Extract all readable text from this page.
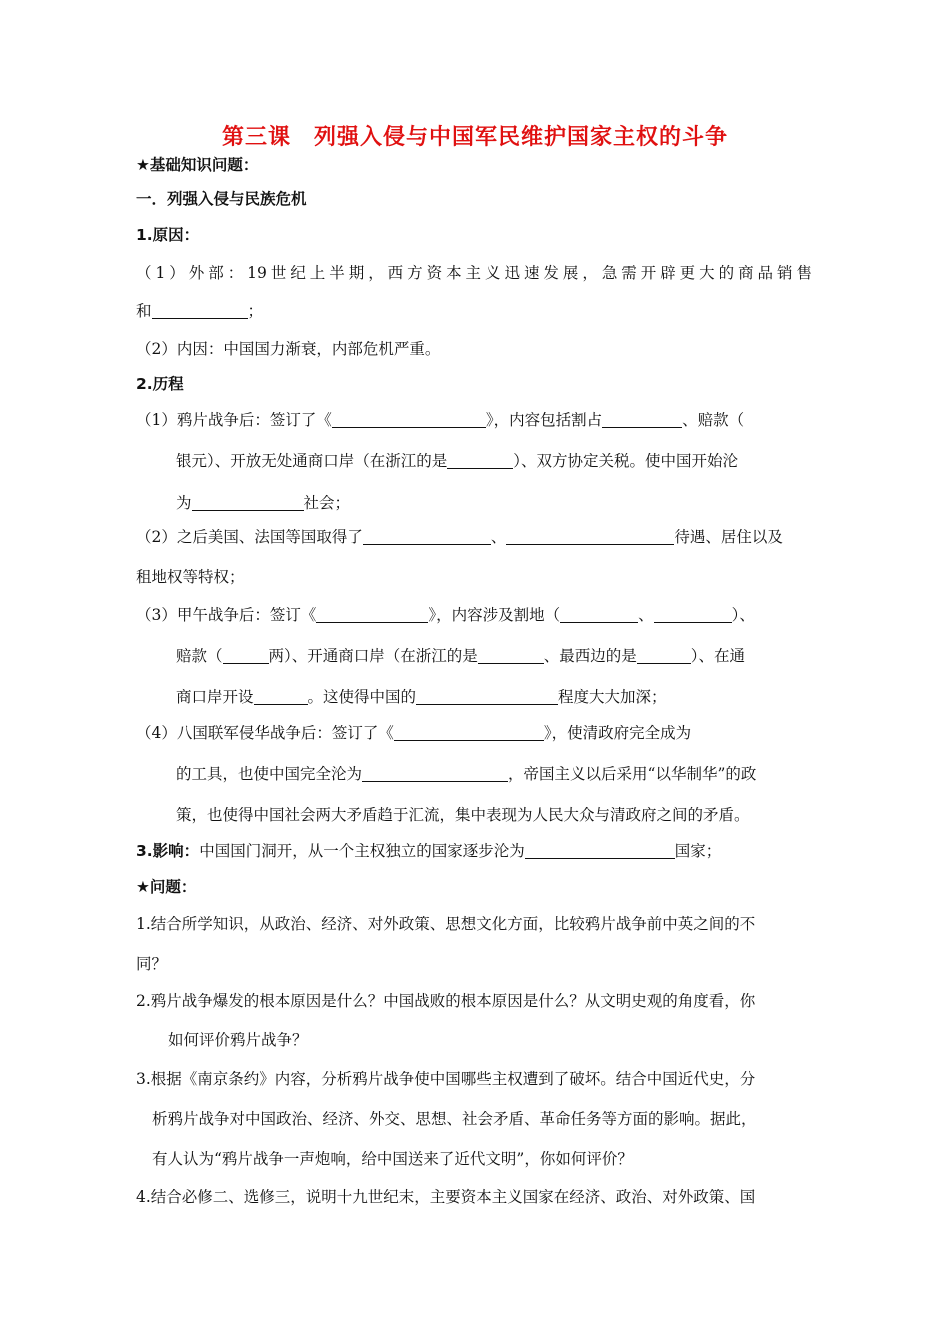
第三课　列强入侵与中国军民维护国家主权的斗争
★基础知识问题：
一．列强入侵与民族危机
1.原因：
（1）外部：19世纪上半期，西方资本主义迅速发展，急需开辟更大的商品销售
和	；
（2）内因：中国国力渐衰，内部危机严重。
2.历程
（1）鸦片战争后：签订了《	》，内容包括割占	、赔款（
银元）、开放无处通商口岸（在浙江的是	）、双方协定关税。使中国开始沦
为	社会；
（2）之后美国、法国等国取得了	、	待遇、居住以及
租地权等特权；
（3）甲午战争后：签订《	》，内容涉及割地（	、	）、
赔款（	两）、开通商口岸（在浙江的是	、最西边的是	）、在通
商口岸开设	。这使得中国的	程度大大加深；
（4）八国联军侵华战争后：签订了《	》，使清政府完全成为
的工具，也使中国完全沦为	，帝国主义以后采用“以华制华”的政
策，也使得中国社会两大矛盾趋于汇流，集中表现为人民大众与清政府之间的矛盾。
3.影响：中国国门洞开，从一个主权独立的国家逐步沦为	国家；
★问题：
1.结合所学知识，从政治、经济、对外政策、思想文化方面，比较鸦片战争前中英之间的不
同？
2.鸦片战争爆发的根本原因是什么？中国战败的根本原因是什么？从文明史观的角度看，你
如何评价鸦片战争？
3.根据《南京条约》内容，分析鸦片战争使中国哪些主权遭到了破坏。结合中国近代史，分
析鸦片战争对中国政治、经济、外交、思想、社会矛盾、革命任务等方面的影响。据此，
有人认为“鸦片战争一声炮响，给中国送来了近代文明”，你如何评价？
4.结合必修二、选修三，说明十九世纪末，主要资本主义国家在经济、政治、对外政策、国
